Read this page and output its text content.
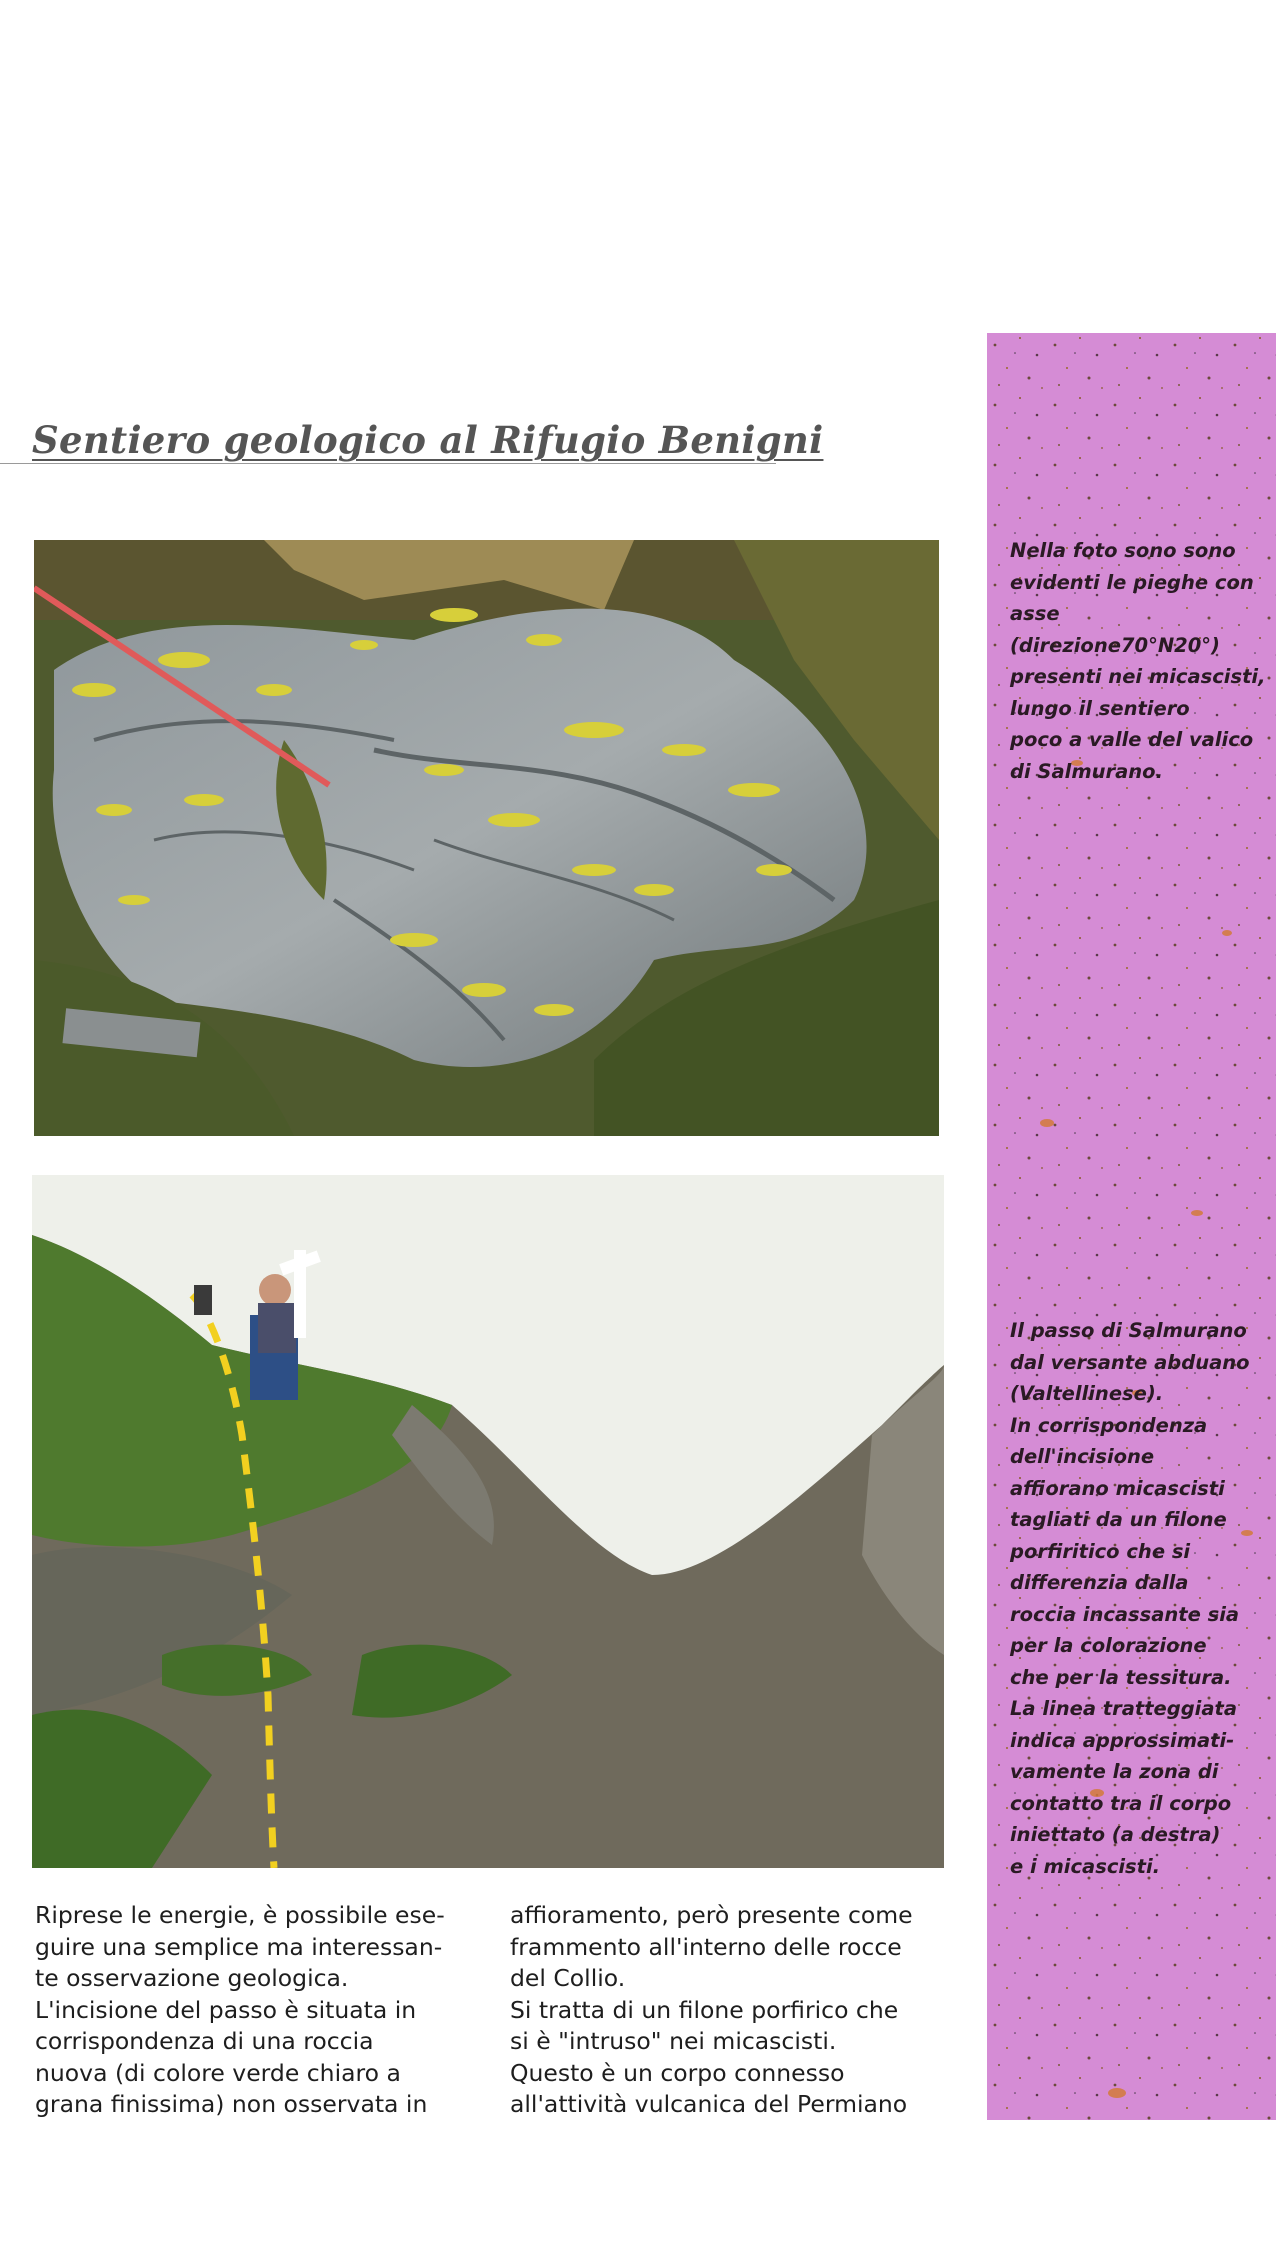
Sentiero geologico al Rifugio Benigni
Nella foto sono sono
evidenti le pieghe con
asse (direzione70°N20°)
presenti nei micascisti,
lungo il sentiero
poco a valle del valico
di Salmurano.
Il passo di Salmurano
dal versante abduano
(Valtellinese).
In corrispondenza
dell'incisione
affiorano micascisti
tagliati da un filone
porfiritico che si
differenzia dalla
roccia incassante sia
per la colorazione
che per la tessitura.
La linea tratteggiata
indica approssimati-
vamente la zona di
contatto tra il corpo
iniettato (a destra)
e i micascisti.
Riprese le energie, è possibile ese-
guire una semplice ma interessan-
te osservazione geologica.
L'incisione del passo è situata in
corrispondenza di una roccia
nuova (di colore verde chiaro a
grana finissima) non osservata in
affioramento, però presente come
frammento all'interno delle rocce
del Collio.
Si tratta di un filone porfirico che
si è "intruso" nei micascisti.
Questo è un corpo connesso
all'attività vulcanica del Permiano
